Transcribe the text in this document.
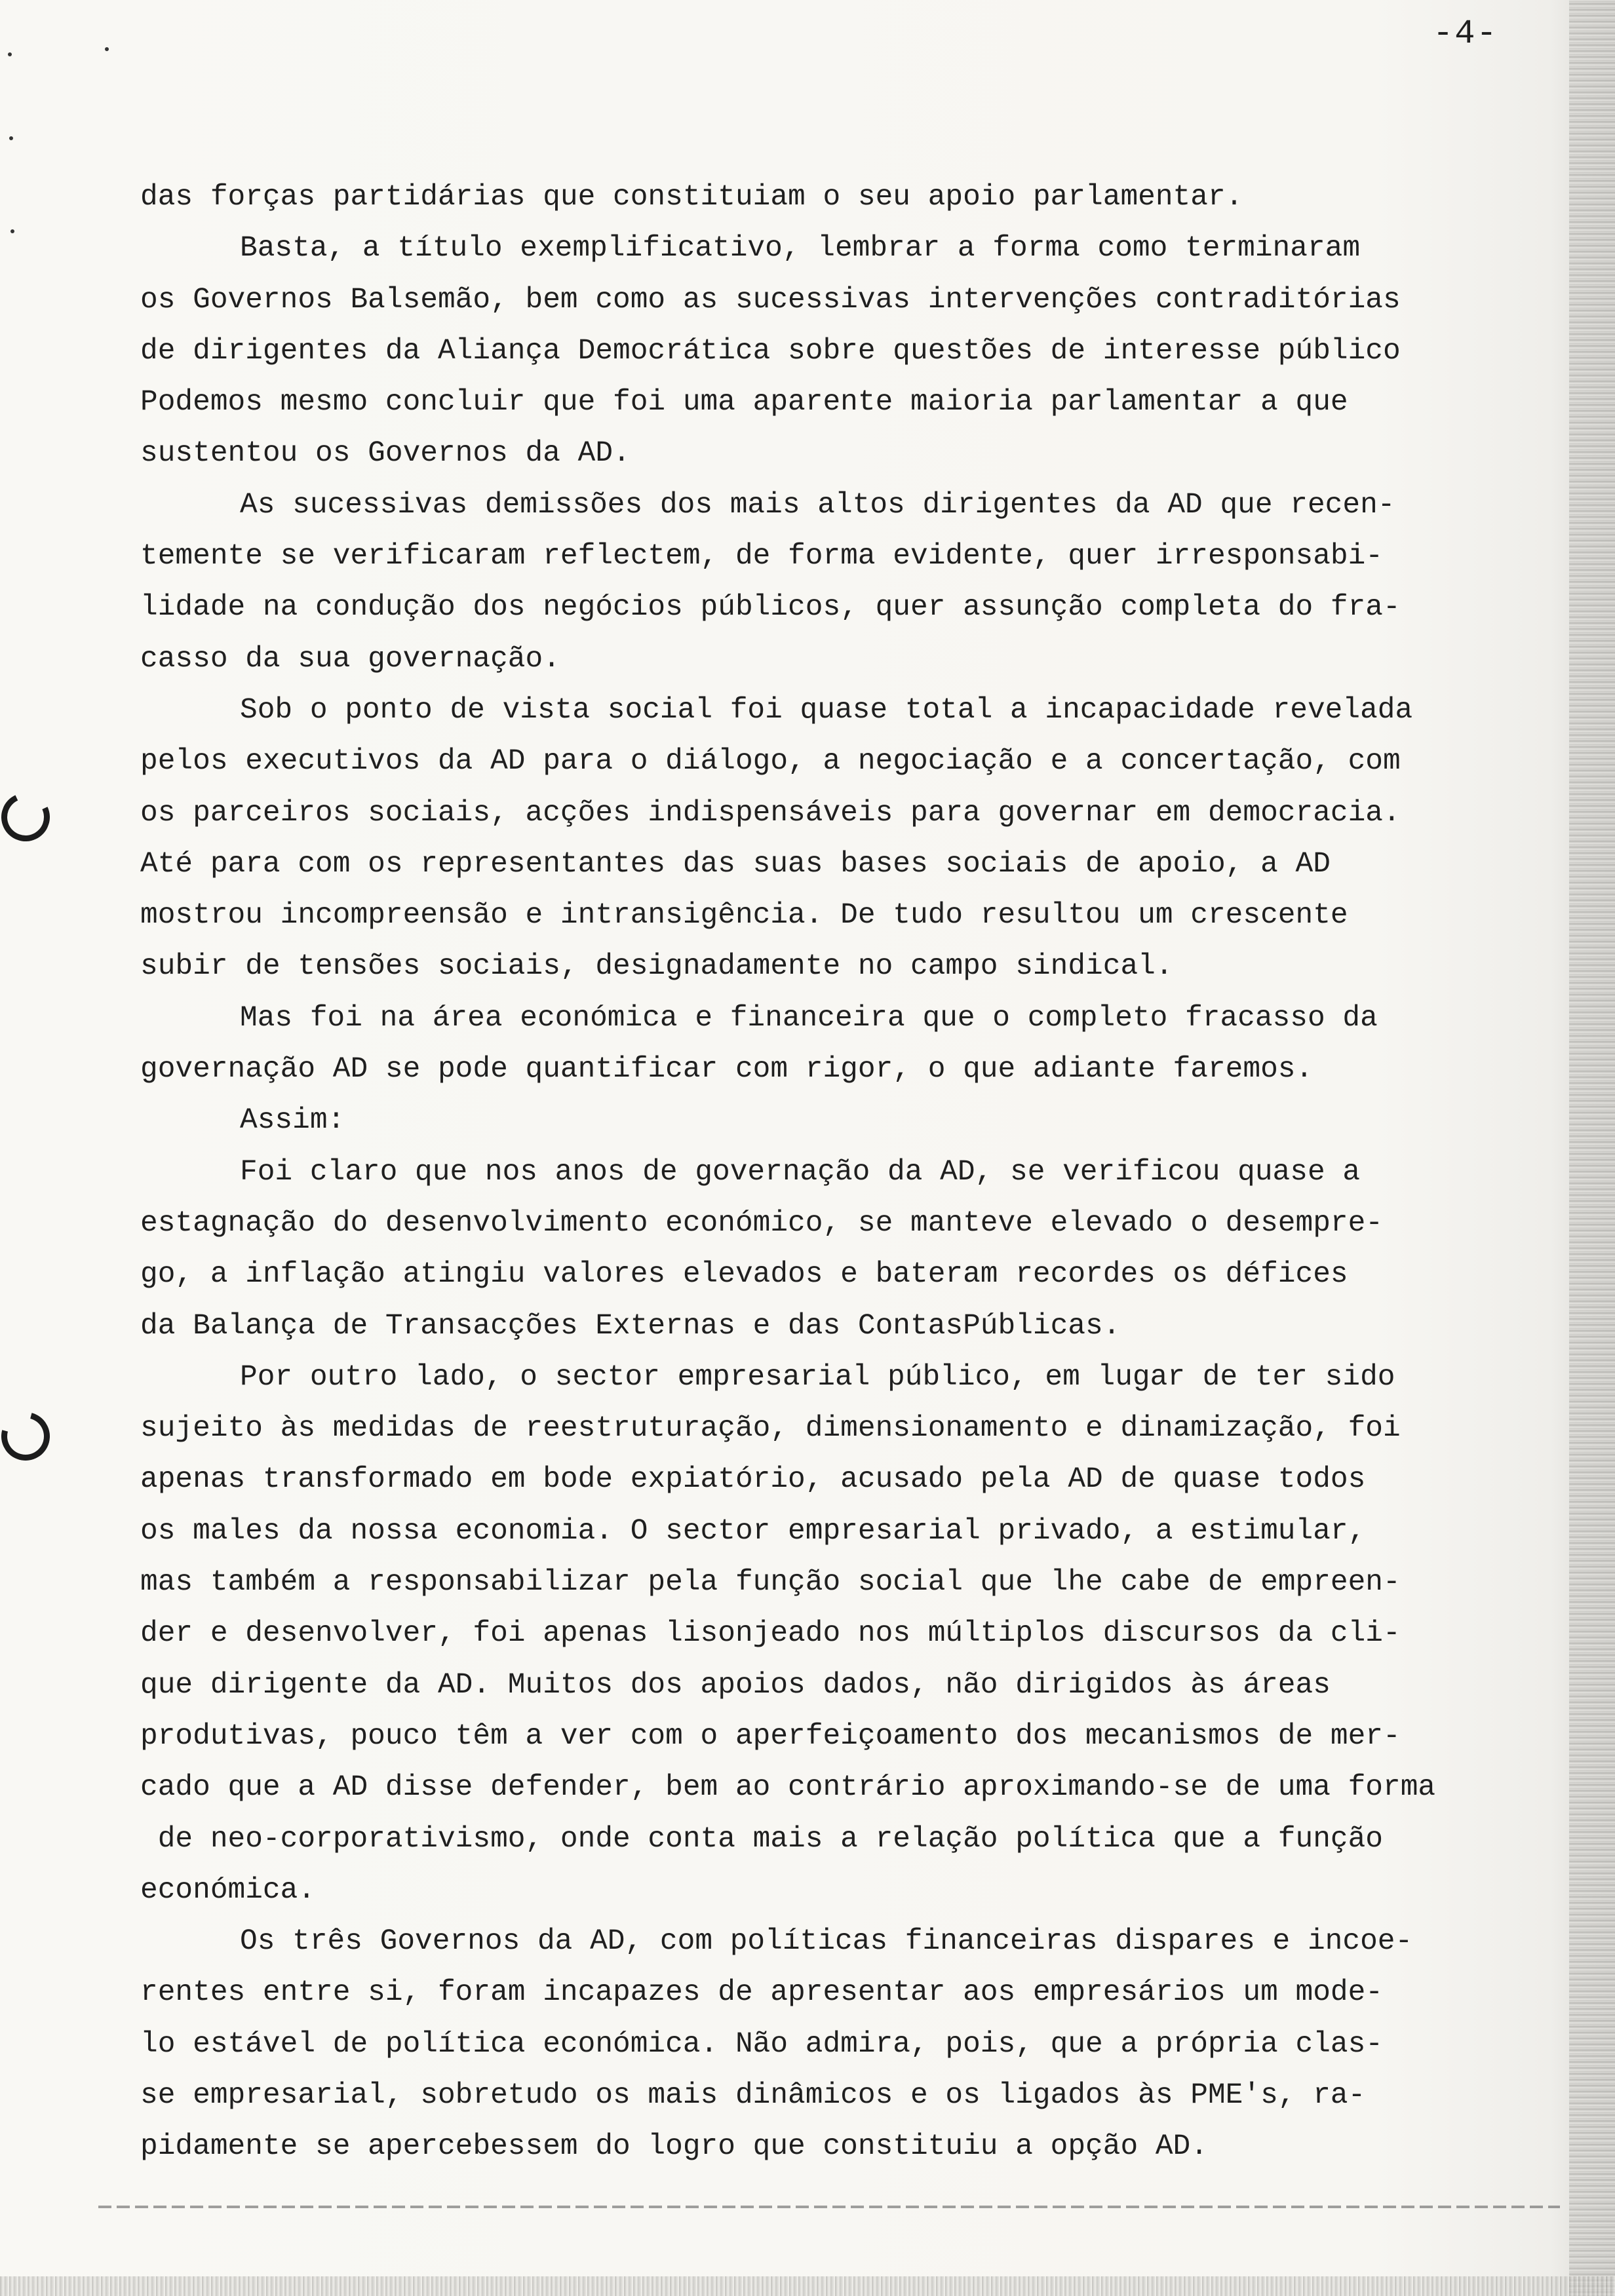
-4-
das forças partidárias que constituiam o seu apoio parlamentar.
Basta, a título exemplificativo, lembrar a forma como terminaram
os Governos Balsemão, bem como as sucessivas intervenções contraditórias
de dirigentes da Aliança Democrática sobre questões de interesse público
Podemos mesmo concluir que foi uma aparente maioria parlamentar a que
sustentou os Governos da AD.
As sucessivas demissões dos mais altos dirigentes da AD que recen-
temente se verificaram reflectem, de forma evidente, quer irresponsabi-
lidade na condução dos negócios públicos, quer assunção completa do fra-
casso da sua governação.
Sob o ponto de vista social foi quase total a incapacidade revelada
pelos executivos da AD para o diálogo, a negociação e a concertação, com
os parceiros sociais, acções indispensáveis para governar em democracia.
Até para com os representantes das suas bases sociais de apoio, a AD
mostrou incompreensão e intransigência. De tudo resultou um crescente
subir de tensões sociais, designadamente no campo sindical.
Mas foi na área económica e financeira que o completo fracasso da
governação AD se pode quantificar com rigor, o que adiante faremos.
Assim:
Foi claro que nos anos de governação da AD, se verificou quase a
estagnação do desenvolvimento económico, se manteve elevado o desempre-
go, a inflação atingiu valores elevados e bateram recordes os défices
da Balança de Transacções Externas e das ContasPúblicas.
Por outro lado, o sector empresarial público, em lugar de ter sido
sujeito às medidas de reestruturação, dimensionamento e dinamização, foi
apenas transformado em bode expiatório, acusado pela AD de quase todos
os males da nossa economia. O sector empresarial privado, a estimular,
mas também a responsabilizar pela função social que lhe cabe de empreen-
der e desenvolver, foi apenas lisonjeado nos múltiplos discursos da cli-
que dirigente da AD. Muitos dos apoios dados, não dirigidos às áreas
produtivas, pouco têm a ver com o aperfeiçoamento dos mecanismos de mer-
cado que a AD disse defender, bem ao contrário aproximando-se de uma forma
de neo-corporativismo, onde conta mais a relação política que a função
económica.
Os três Governos da AD, com políticas financeiras dispares e incoe-
rentes entre si, foram incapazes de apresentar aos empresários um mode-
lo estável de política económica. Não admira, pois, que a própria clas-
se empresarial, sobretudo os mais dinâmicos e os ligados às PME's, ra-
pidamente se apercebessem do logro que constituiu a opção AD.
